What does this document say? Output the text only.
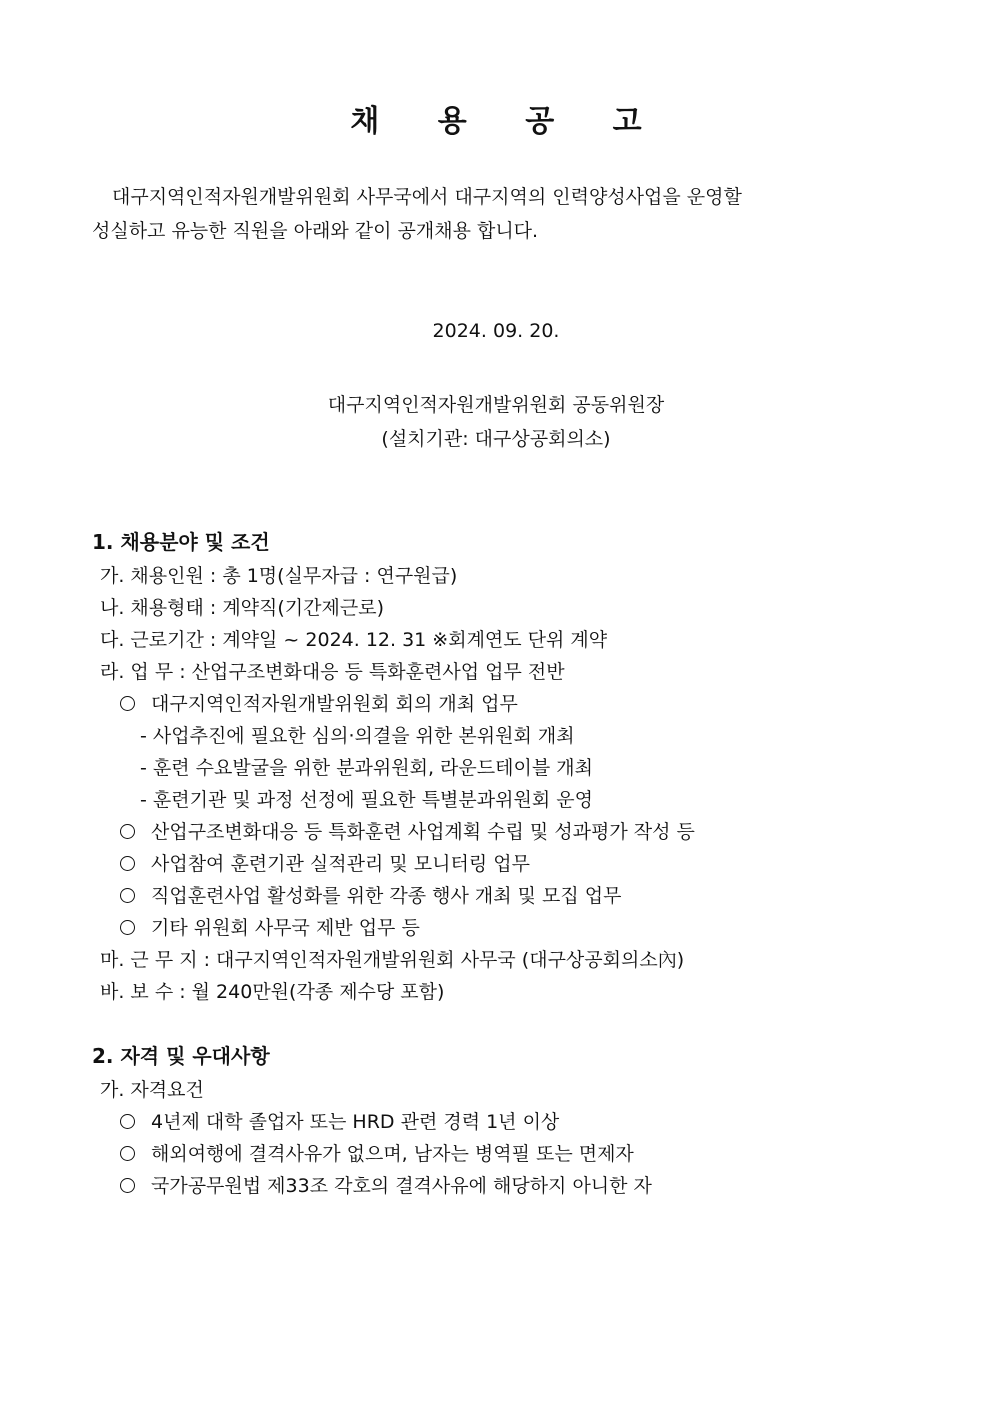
채 용 공 고
대구지역인적자원개발위원회 사무국에서 대구지역의 인력양성사업을 운영할
성실하고 유능한 직원을 아래와 같이 공개채용 합니다.
2024. 09. 20.
대구지역인적자원개발위원회 공동위원장
(설치기관: 대구상공회의소)
1. 채용분야 및 조건
가. 채용인원 : 총 1명(실무자급 : 연구원급)
나. 채용형태 : 계약직(기간제근로)
다. 근로기간 : 계약일 ~ 2024. 12. 31 ※회계연도 단위 계약
라. 업 무 : 산업구조변화대응 등 특화훈련사업 업무 전반
대구지역인적자원개발위원회 회의 개최 업무
- 사업추진에 필요한 심의·의결을 위한 본위원회 개최
- 훈련 수요발굴을 위한 분과위원회, 라운드테이블 개최
- 훈련기관 및 과정 선정에 필요한 특별분과위원회 운영
산업구조변화대응 등 특화훈련 사업계획 수립 및 성과평가 작성 등
사업참여 훈련기관 실적관리 및 모니터링 업무
직업훈련사업 활성화를 위한 각종 행사 개최 및 모집 업무
기타 위원회 사무국 제반 업무 등
마. 근 무 지 : 대구지역인적자원개발위원회 사무국 (대구상공회의소內)
바. 보 수 : 월 240만원(각종 제수당 포함)
2. 자격 및 우대사항
가. 자격요건
4년제 대학 졸업자 또는 HRD 관련 경력 1년 이상
해외여행에 결격사유가 없으며, 남자는 병역필 또는 면제자
국가공무원법 제33조 각호의 결격사유에 해당하지 아니한 자
